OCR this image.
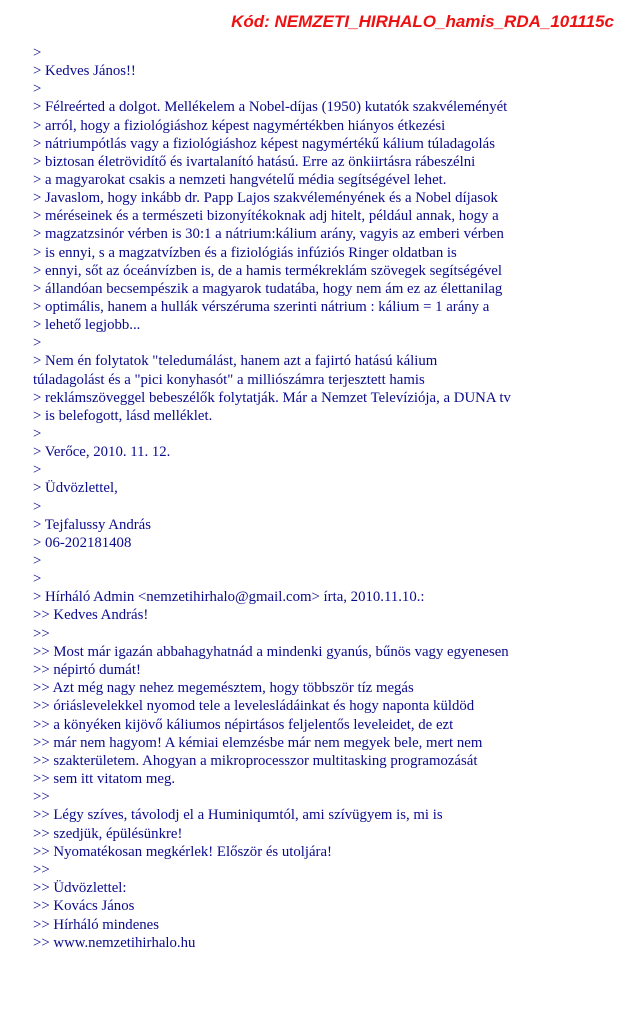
Kód: NEMZETI_HIRHALO_hamis_RDA_101115c
>
> Kedves János!!
>
> Félreérted a dolgot. Mellékelem a Nobel-díjas (1950) kutatók szakvéleményét
> arról, hogy a fiziológiáshoz képest nagymértékben hiányos étkezési
> nátriumpótlás vagy a fiziológiáshoz képest nagymértékű kálium túladagolás
> biztosan életrövidítő és ivartalanító hatású. Erre az önkiirtásra rábeszélni
> a magyarokat csakis a nemzeti hangvételű média segítségével lehet.
> Javaslom, hogy inkább dr. Papp Lajos szakvéleményének és a Nobel díjasok
> méréseinek és a természeti bizonyítékoknak adj hitelt, például annak, hogy a
> magzatzsinór vérben is 30:1 a nátrium:kálium arány, vagyis az emberi vérben
> is ennyi, s a magzatvízben és a fiziológiás infúziós Ringer oldatban is
> ennyi, sőt az óceánvízben is, de a hamis termékreklám szövegek segítségével
> állandóan becsempészik a magyarok tudatába, hogy nem ám ez az élettanilag
> optimális, hanem a hullák vérszéruma szerinti nátrium : kálium = 1 arány a
> lehető legjobb...
>
> Nem én folytatok "teledumálást, hanem azt a fajirtó hatású kálium
túladagolást és a "pici konyhasót" a milliószámra terjesztett hamis
> reklámszöveggel bebeszélők folytatják. Már a Nemzet Televíziója, a DUNA tv
> is belefogott, lásd melléklet.
>
> Verőce, 2010. 11. 12.
>
> Üdvözlettel,
>
> Tejfalussy András
> 06-202181408
>
>
> Hírháló Admin <nemzetihirhalo@gmail.com> írta, 2010.11.10.:
>> Kedves András!
>>
>> Most már igazán abbahagyhatnád a mindenki gyanús, bűnös vagy egyenesen
>> népirtó dumát!
>> Azt még nagy nehez megemésztem, hogy többször tíz megás
>> óriáslevelekkel nyomod tele a levelesládáinkat és hogy naponta küldöd
>> a könyéken kijövő káliumos népirtásos feljelentős leveleidet, de ezt
>> már nem hagyom! A kémiai elemzésbe már nem megyek bele, mert nem
>> szakterületem. Ahogyan a mikroprocesszor multitasking programozását
>> sem itt vitatom meg.
>>
>> Légy szíves, távolodj el a Huminiqumtól, ami szívügyem is, mi is
>> szedjük, épülésünkre!
>> Nyomatékosan megkérlek! Először és utoljára!
>>
>> Üdvözlettel:
>> Kovács János
>> Hírháló mindenes
>> www.nemzetihirhalo.hu
